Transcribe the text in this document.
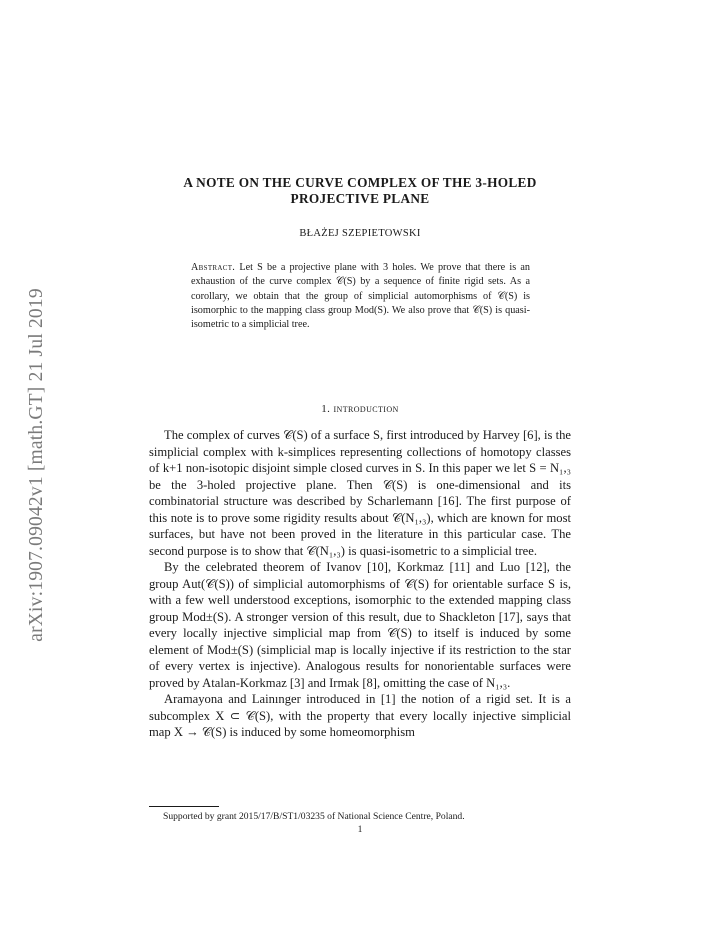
arXiv:1907.09042v1 [math.GT] 21 Jul 2019
A NOTE ON THE CURVE COMPLEX OF THE 3-HOLED PROJECTIVE PLANE
BŁAŻEJ SZEPIETOWSKI
Abstract. Let S be a projective plane with 3 holes. We prove that there is an exhaustion of the curve complex 𝒞(S) by a sequence of finite rigid sets. As a corollary, we obtain that the group of simplicial automorphisms of 𝒞(S) is isomorphic to the mapping class group Mod(S). We also prove that 𝒞(S) is quasi-isometric to a simplicial tree.
1. introduction

The complex of curves 𝒞(S) of a surface S, first introduced by Harvey [6], is the simplicial complex with k-simplices representing collections of homotopy classes of k+1 non-isotopic disjoint simple closed curves in S. In this paper we let S = N₁,₃ be the 3-holed projective plane. Then 𝒞(S) is one-dimensional and its combinatorial structure was described by Scharlemann [16]. The first purpose of this note is to prove some rigidity results about 𝒞(N₁,₃), which are known for most surfaces, but have not been proved in the literature in this particular case. The second purpose is to show that 𝒞(N₁,₃) is quasi-isometric to a simplicial tree.

By the celebrated theorem of Ivanov [10], Korkmaz [11] and Luo [12], the group Aut(𝒞(S)) of simplicial automorphisms of 𝒞(S) for orientable surface S is, with a few well understood exceptions, isomorphic to the extended mapping class group Mod±(S). A stronger version of this result, due to Shackleton [17], says that every locally injective simplicial map from 𝒞(S) to itself is induced by some element of Mod±(S) (simplicial map is locally injective if its restriction to the star of every vertex is injective). Analogous results for nonorientable surfaces were proved by Atalan-Korkmaz [3] and Irmak [8], omitting the case of N₁,₃.

Aramayona and Lainınger introduced in [1] the notion of a rigid set. It is a subcomplex X ⊂ 𝒞(S), with the property that every locally injective simplicial map X → 𝒞(S) is induced by some homeomorphism

Supported by grant 2015/17/B/ST1/03235 of National Science Centre, Poland.
1
